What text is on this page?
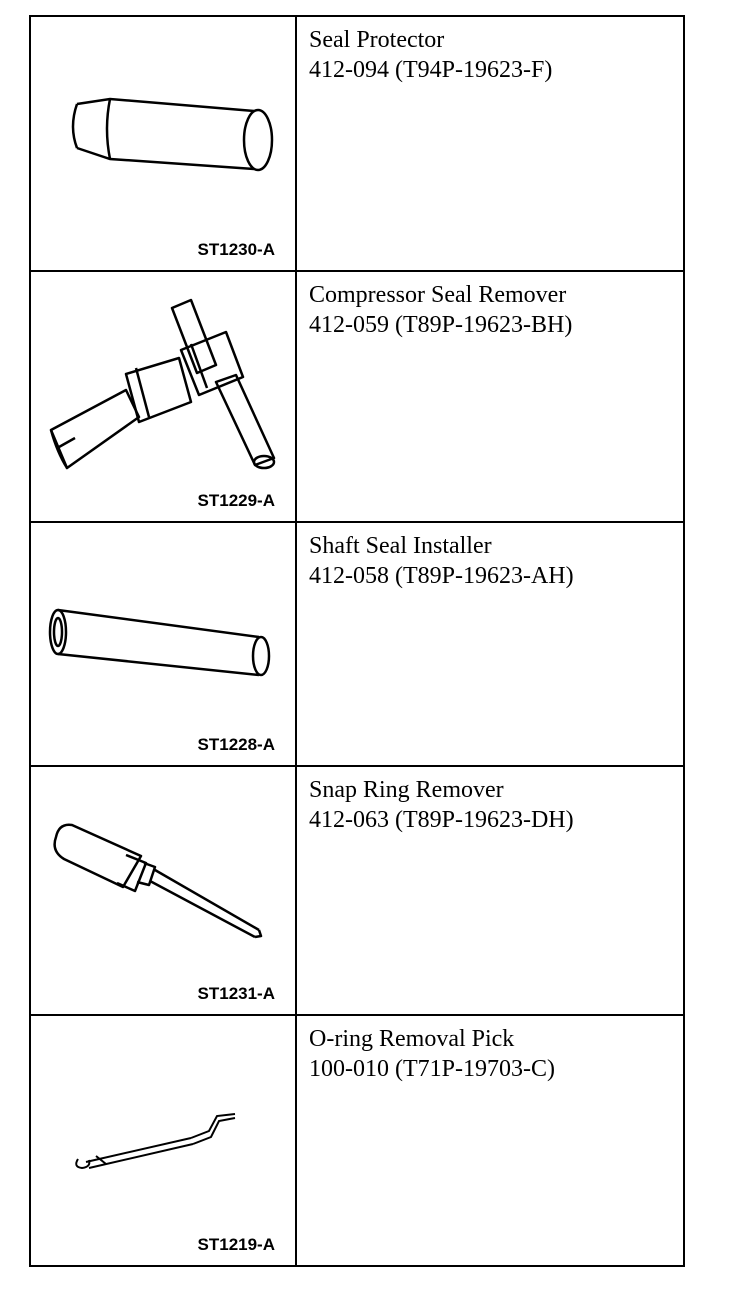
ST1230-A
Seal Protector
412-094 (T94P-19623-F)
ST1229-A
Compressor Seal Remover
412-059 (T89P-19623-BH)
ST1228-A
Shaft Seal Installer
412-058 (T89P-19623-AH)
ST1231-A
Snap Ring Remover
412-063 (T89P-19623-DH)
ST1219-A
O-ring Removal Pick
100-010 (T71P-19703-C)
